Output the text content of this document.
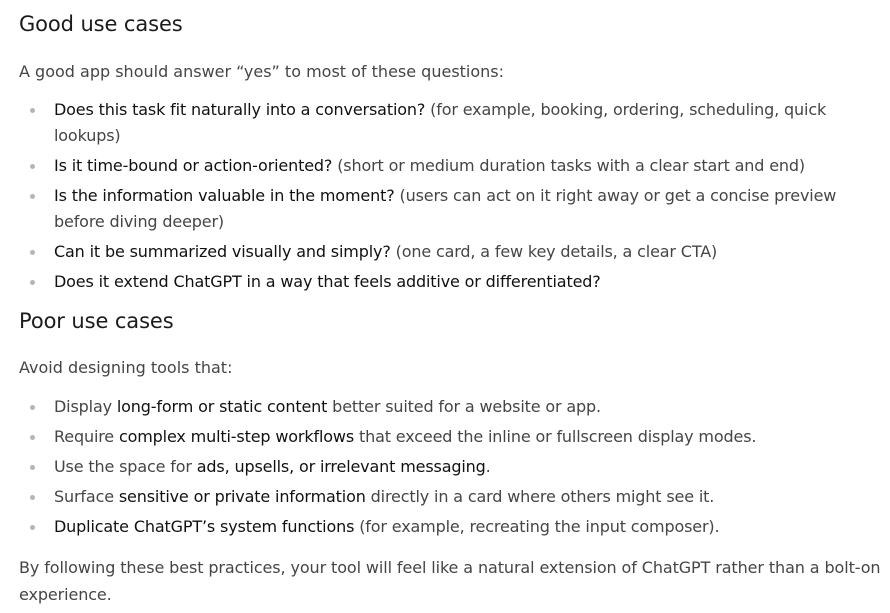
Good use cases

A good app should answer “yes” to most of these questions:

Does this task fit naturally into a conversation? (for example, booking, ordering, scheduling, quick lookups)
Is it time-bound or action-oriented? (short or medium duration tasks with a clear start and end)
Is the information valuable in the moment? (users can act on it right away or get a concise preview before diving deeper)
Can it be summarized visually and simply? (one card, a few key details, a clear CTA)
Does it extend ChatGPT in a way that feels additive or differentiated?
Poor use cases

Avoid designing tools that:

Display long-form or static content better suited for a website or app.
Require complex multi-step workflows that exceed the inline or fullscreen display modes.
Use the space for ads, upsells, or irrelevant messaging.
Surface sensitive or private information directly in a card where others might see it.
Duplicate ChatGPT’s system functions (for example, recreating the input composer).

By following these best practices, your tool will feel like a natural extension of ChatGPT rather than a bolt-on experience.
